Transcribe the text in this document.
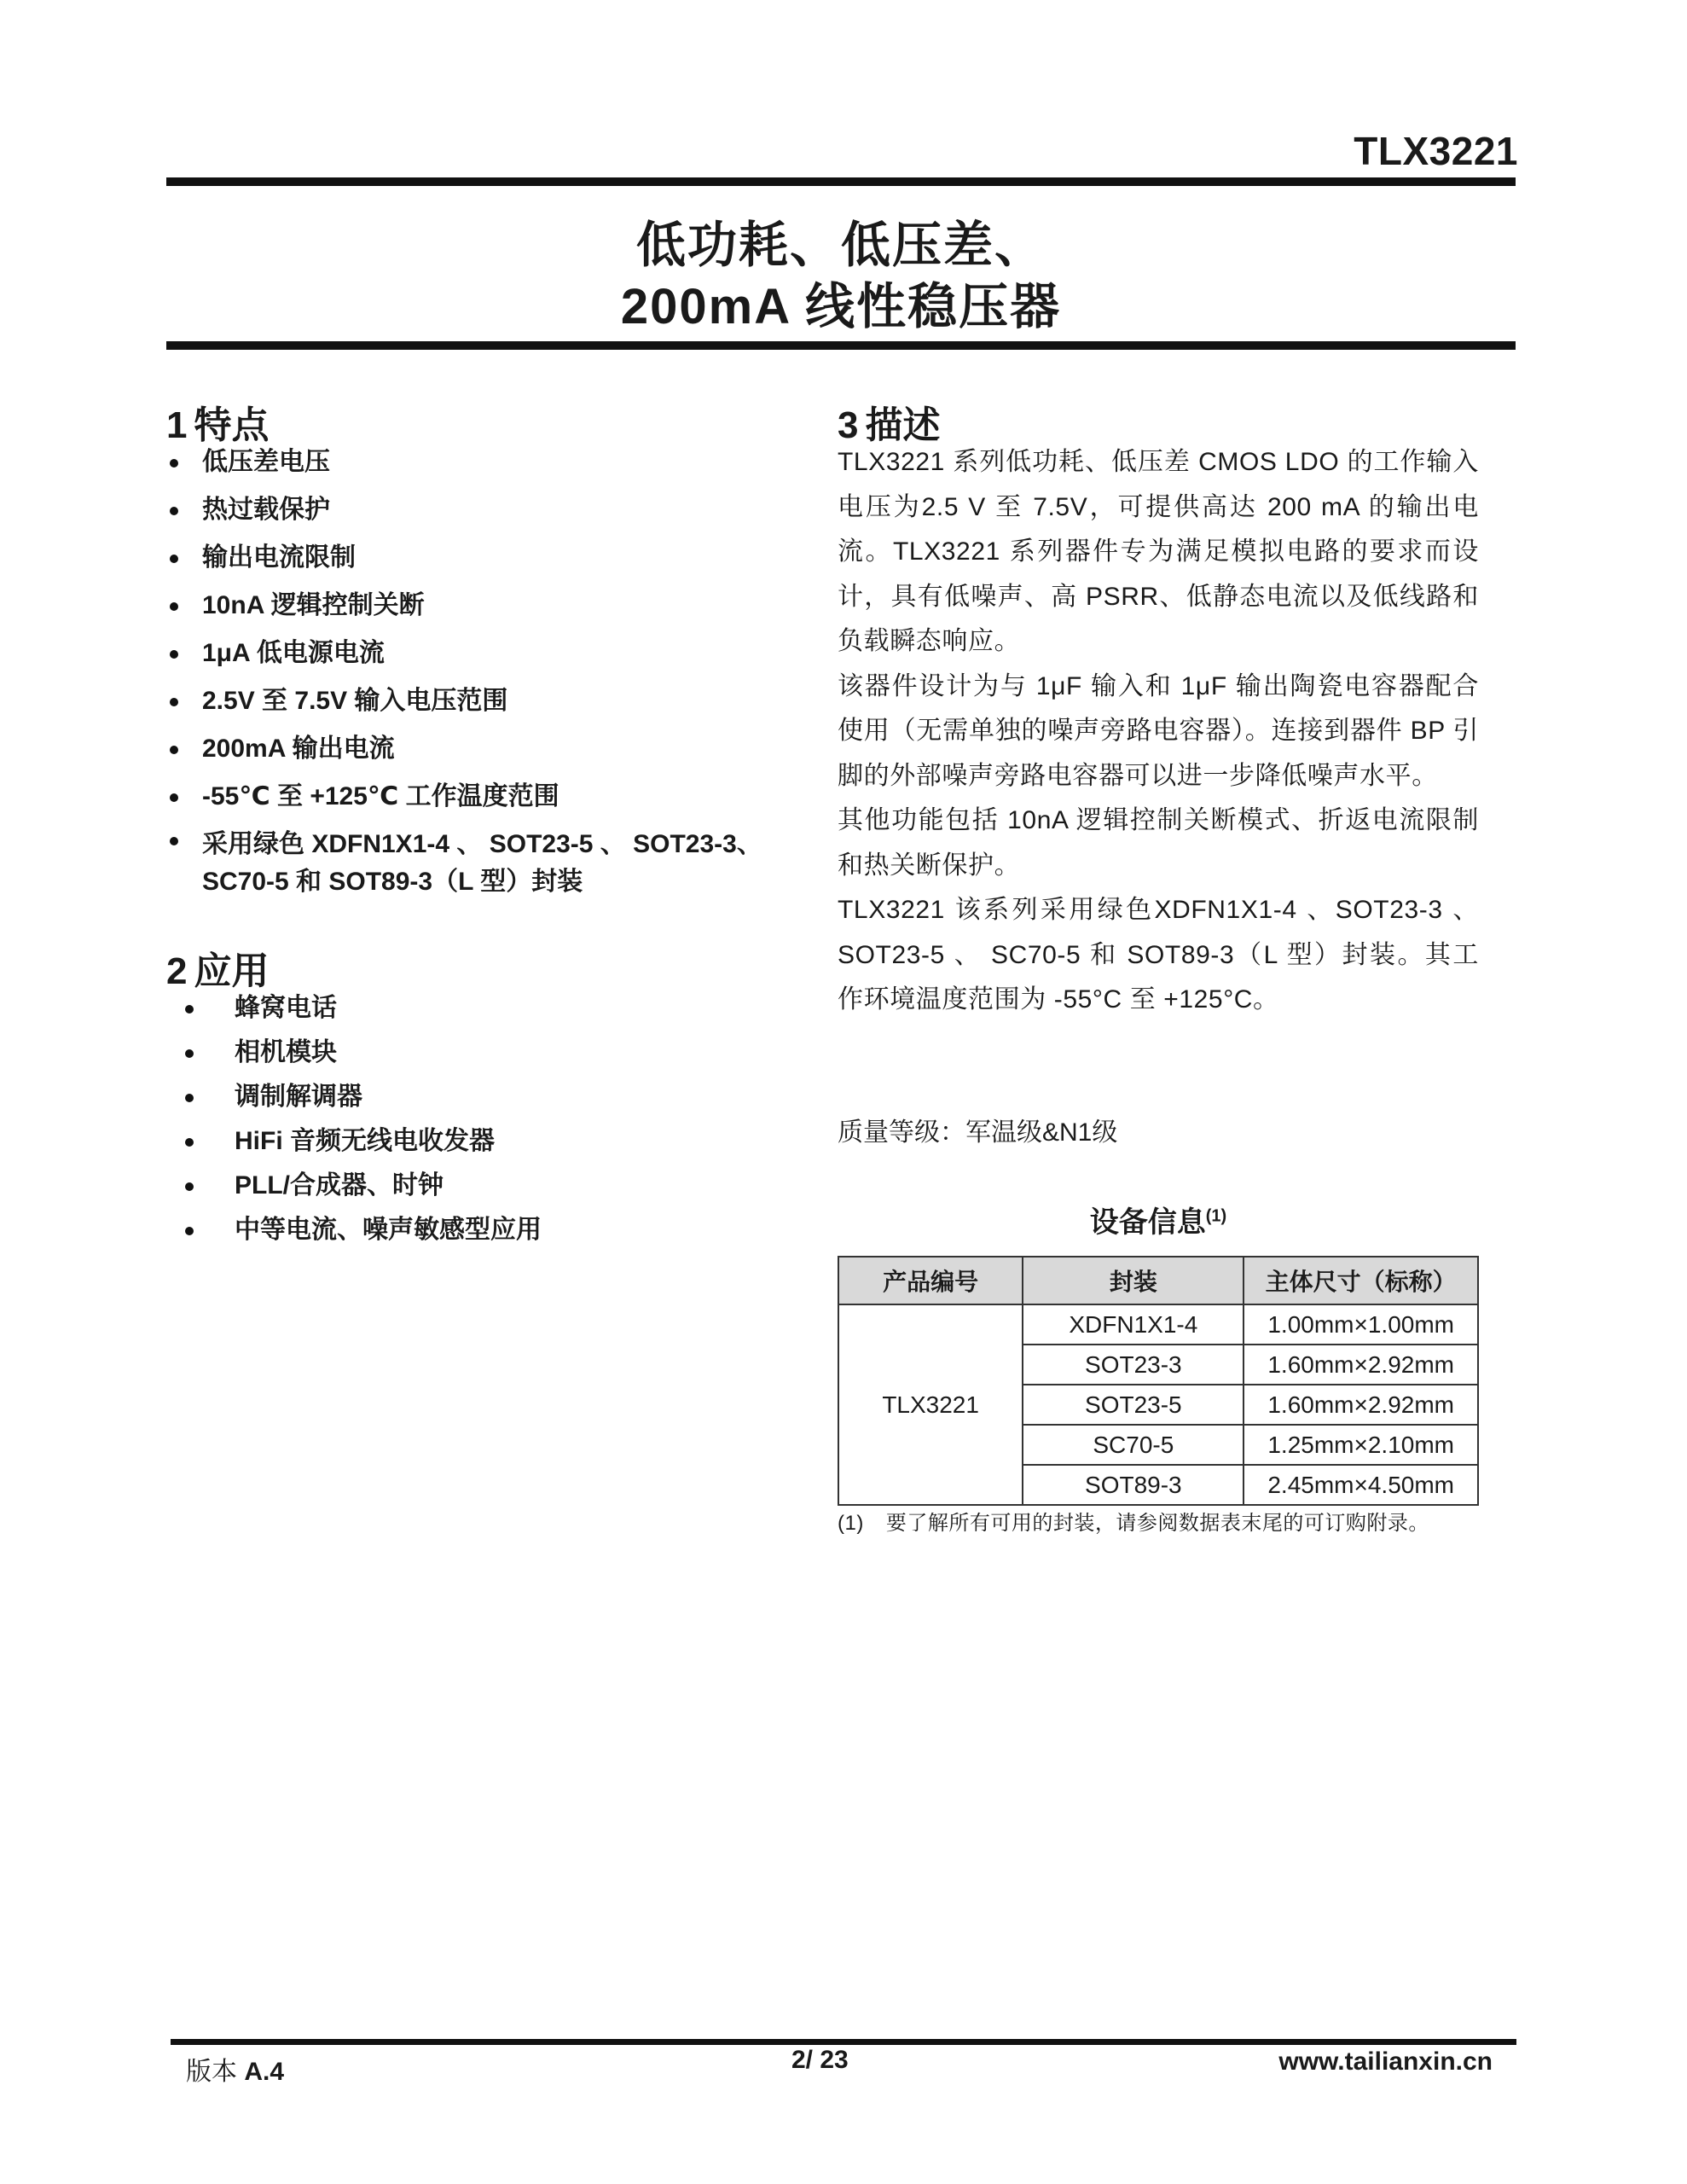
TLX3221
低功耗、低压差、
200mA 线性稳压器
1 特点
低压差电压
热过载保护
输出电流限制
10nA 逻辑控制关断
1μA 低电源电流
2.5V 至 7.5V 输入电压范围
200mA 输出电流
-55℃ 至 +125℃ 工作温度范围
采用绿色 XDFN1X1-4 、 SOT23-5 、 SOT23-3、 SC70-5 和 SOT89-3（L 型）封装
2 应用
蜂窝电话
相机模块
调制解调器
HiFi 音频无线电收发器
PLL/合成器、时钟
中等电流、噪声敏感型应用
3 描述

TLX3221 系列低功耗、低压差 CMOS LDO 的工作输入电压为2.5 V 至 7.5V，可提供高达 200 mA 的输出电流。TLX3221 系列器件专为满足模拟电路的要求而设计，具有低噪声、高 PSRR、低静态电流以及低线路和负载瞬态响应。

该器件设计为与 1μF 输入和 1μF 输出陶瓷电容器配合使用（无需单独的噪声旁路电容器）。连接到器件 BP 引脚的外部噪声旁路电容器可以进一步降低噪声水平。

其他功能包括 10nA 逻辑控制关断模式、折返电流限制和热关断保护。

TLX3221 该系列采用绿色XDFN1X1-4 、SOT23-3 、SOT23-5 、 SC70-5 和 SOT89-3（L 型）封装。其工作环境温度范围为 -55°C 至 +125°C。

质量等级：军温级&N1级
设备信息$^{(1)}$
产品编号	封装	主体尺寸（标称）
TLX3221	XDFN1X1-4	1.00mm×1.00mm
	SOT23-3	1.60mm×2.92mm
	SOT23-5	1.60mm×2.92mm
	SC70-5	1.25mm×2.10mm
	SOT89-3	2.45mm×4.50mm
(1) 要了解所有可用的封装，请参阅数据表末尾的可订购附录。
版本 A.4	2/ 23	www.tailianxin.cn
